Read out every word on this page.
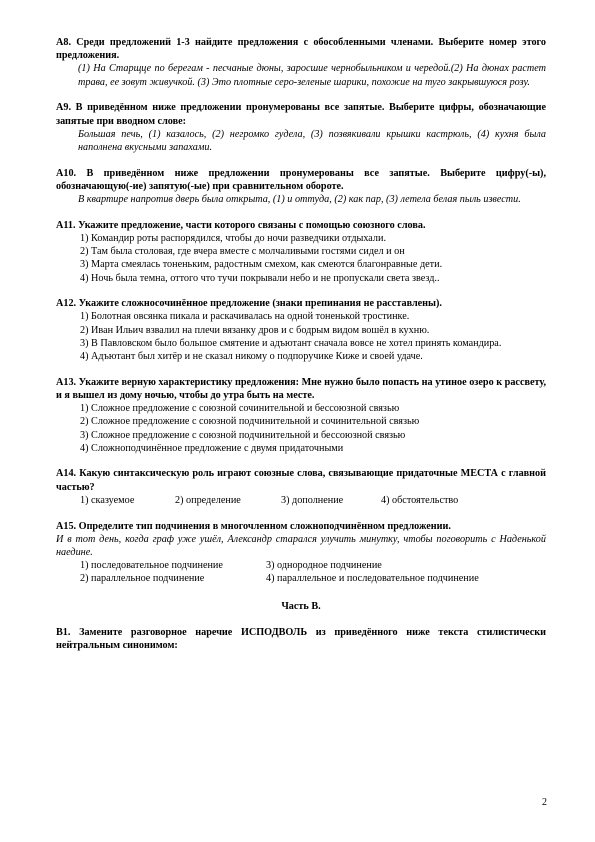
А8. Среди предложений 1-3 найдите предложения с обособленными членами. Выберите номер этого предложения.
(1) На Старщце по берегам - песчаные дюны, заросшие чернобыльником и чередой.(2) На дюнах растет трава, ее зовут живучкой. (3) Это плотные серо-зеленые шарики, похожие на туго закрывшуюся розу.
А9. В приведённом ниже предложении пронумерованы все запятые. Выберите цифры, обозначающие запятые при вводном слове:
Большая печь, (1) казалось, (2) негромко гудела, (3) позвякивали крышки кастрюль, (4) кухня была наполнена вкусными запахами.
А10. В приведённом ниже предложении пронумерованы все запятые. Выберите цифру(-ы), обозначающую(-ие) запятую(-ые) при сравнительном обороте.
В квартире напротив дверь была открыта, (1) и оттуда, (2) как пар, (3) летела белая пыль извести.
А11. Укажите предложение, части которого связаны с помощью союзного слова.
1) Командир роты распорядился, чтобы до ночи разведчики отдыхали.
2) Там была столовая, где вчера вместе с молчаливыми гостями сидел и он
3) Марта смеялась тоненьким, радостным смехом, как смеются благонравные дети.
4) Ночь была темна, оттого что тучи покрывали небо и не пропускали света звезд..
А12. Укажите сложносочинённое предложение (знаки препинания не расставлены).
1) Болотная овсянка пикала и раскачивалась на одной тоненькой тростинке.
2) Иван Ильич взвалил на плечи вязанку дров и с бодрым видом вошёл в кухню.
3) В Павловском было большое смятение и адъютант сначала вовсе не хотел принять командира.
4) Адъютант был хитёр и не сказал никому о подпоручике Киже и своей удаче.
А13. Укажите верную характеристику предложения: Мне нужно было попасть на утиное озеро к рассвету, и я вышел из дому ночью, чтобы до утра быть на месте.
1) Сложное предложение с союзной сочинительной и бессоюзной связью
2) Сложное предложение с союзной подчинительной и сочинительной связью
3) Сложное предложение с союзной подчинительной и бессоюзной связью
4) Сложноподчинённое предложение с двумя придаточными
А14. Какую синтаксическую роль играют союзные слова, связывающие придаточные МЕСТА с главной частью?
1) сказуемое	2) определение	3) дополнение	4) обстоятельство
А15. Определите тип подчинения в многочленном сложноподчинённом предложении.
И в тот день, когда граф уже ушёл, Александр старался улучить минутку, чтобы поговорить с Наденькой наедине.
1) последовательное подчинение	3) однородное подчинение
2) параллельное подчинение	4) параллельное и последовательное подчинение
Часть В.
В1. Замените разговорное наречие ИСПОДВОЛЬ из приведённого ниже текста стилистически нейтральным синонимом:
2
